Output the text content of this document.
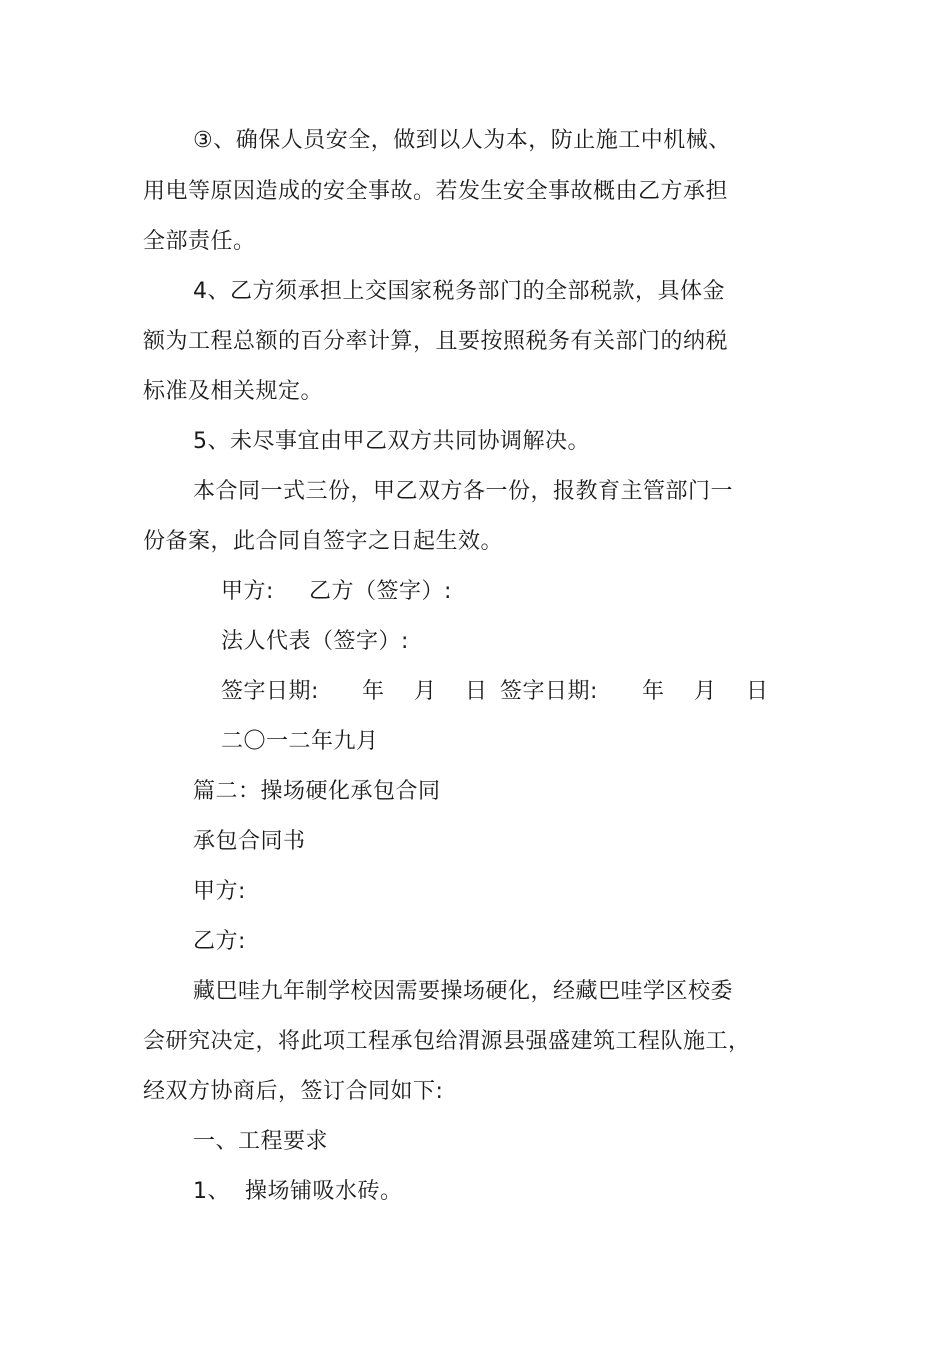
③、确保人员安全，做到以人为本，防止施工中机械、
用电等原因造成的安全事故。若发生安全事故概由乙方承担
全部责任。
4、乙方须承担上交国家税务部门的全部税款，具体金
额为工程总额的百分率计算，且要按照税务有关部门的纳税
标准及相关规定。
5、未尽事宜由甲乙双方共同协调解决。
本合同一式三份，甲乙双方各一份，报教育主管部门一
份备案，此合同自签字之日起生效。
甲方: 乙方（签字）:
法人代表（签字）:
签字日期: 年 月 日 签字日期: 年 月 日
二〇一二年九月
篇二：操场硬化承包合同
承包合同书
甲方:
乙方:
藏巴哇九年制学校因需要操场硬化，经藏巴哇学区校委
会研究决定，将此项工程承包给渭源县强盛建筑工程队施工，
经双方协商后，签订合同如下:
一、工程要求
1、 操场铺吸水砖。
